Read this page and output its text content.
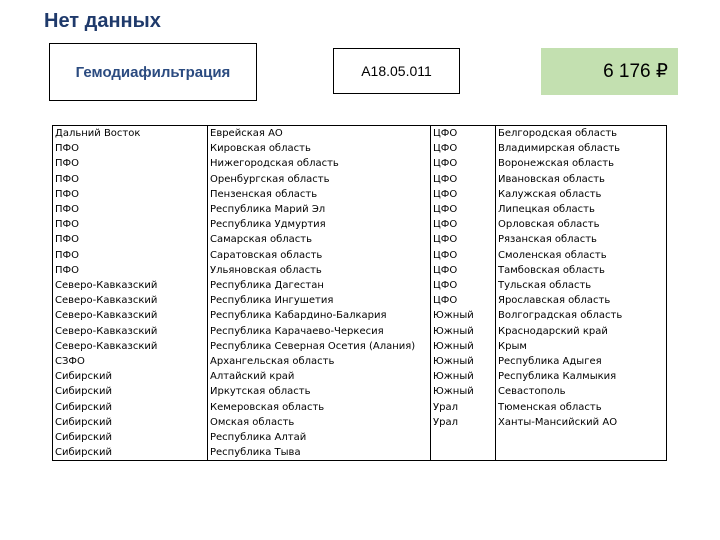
Нет данных
Гемодиафильтрация	А18.05.011	6 176 ₽
Дальний Восток	Еврейская АО	ЦФО	Белгородская область
ПФО	Кировская область	ЦФО	Владимирская область
ПФО	Нижегородская область	ЦФО	Воронежская область
ПФО	Оренбургская область	ЦФО	Ивановская область
ПФО	Пензенская область	ЦФО	Калужская область
ПФО	Республика Марий Эл	ЦФО	Липецкая область
ПФО	Республика Удмуртия	ЦФО	Орловская область
ПФО	Самарская область	ЦФО	Рязанская область
ПФО	Саратовская область	ЦФО	Смоленская область
ПФО	Ульяновская область	ЦФО	Тамбовская область
Северо-Кавказский	Республика Дагестан	ЦФО	Тульская область
Северо-Кавказский	Республика Ингушетия	ЦФО	Ярославская область
Северо-Кавказский	Республика Кабардино-Балкария	Южный	Волгоградская область
Северо-Кавказский	Республика Карачаево-Черкесия	Южный	Краснодарский край
Северо-Кавказский	Республика Северная Осетия (Алания)	Южный	Крым
СЗФО	Архангельская область	Южный	Республика Адыгея
Сибирский	Алтайский край	Южный	Республика Калмыкия
Сибирский	Иркутская область	Южный	Севастополь
Сибирский	Кемеровская область	Урал	Тюменская область
Сибирский	Омская область	Урал	Ханты-Мансийский АО
Сибирский	Республика Алтай		
Сибирский	Республика Тыва		
